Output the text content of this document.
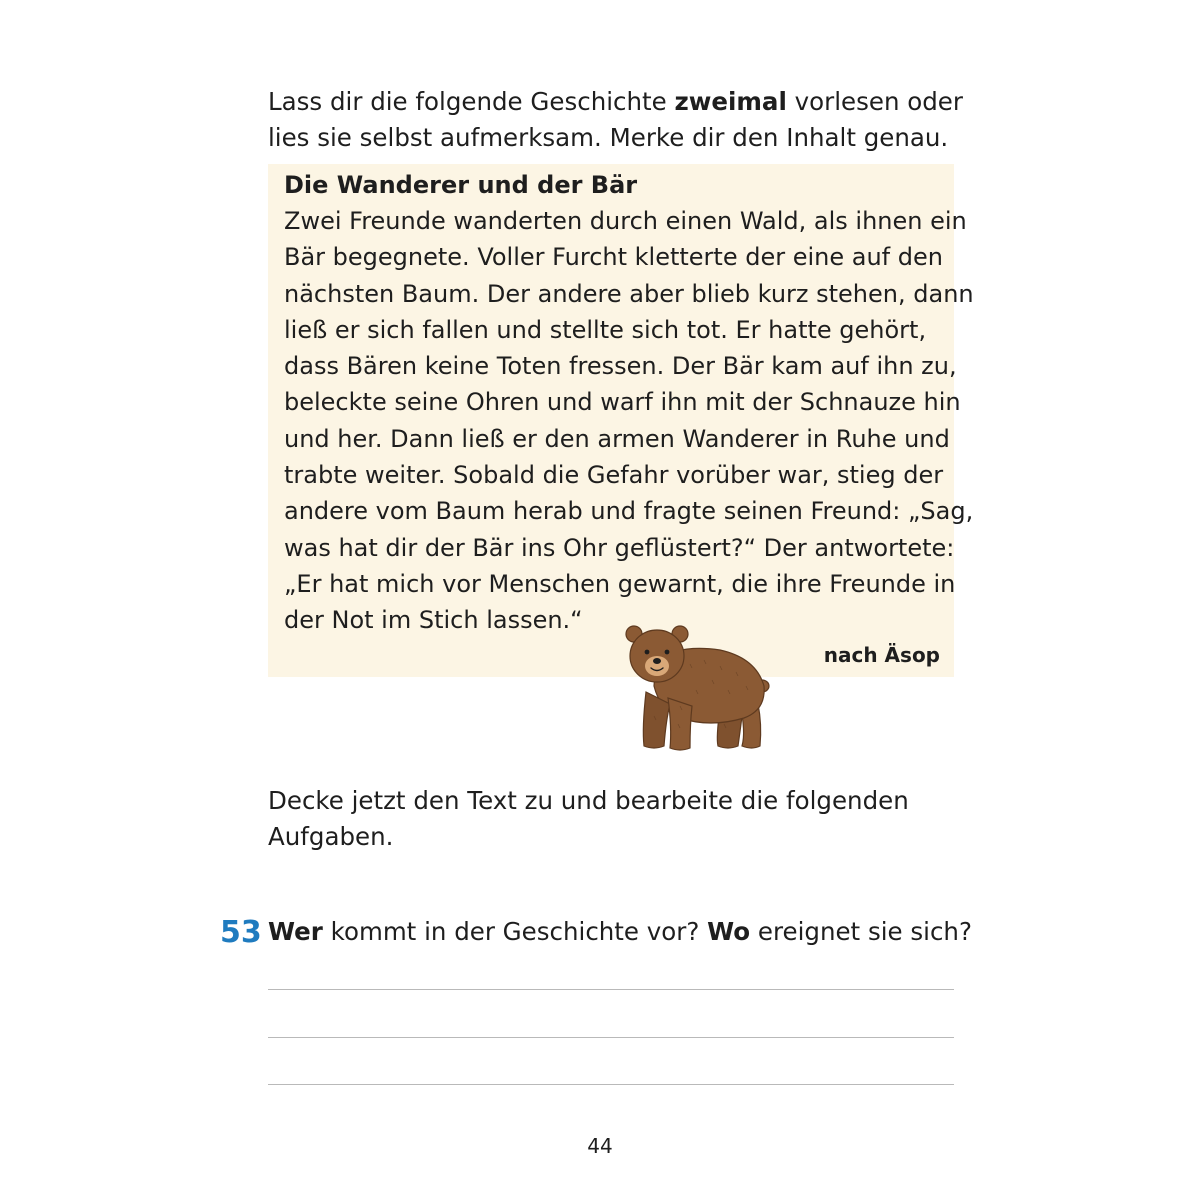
Lass dir die folgende Geschichte zweimal vorlesen oder
lies sie selbst aufmerksam. Merke dir den Inhalt genau.

Die Wanderer und der Bär

Zwei Freunde wanderten durch einen Wald, als ihnen ein
Bär begegnete. Voller Furcht kletterte der eine auf den
nächsten Baum. Der andere aber blieb kurz stehen, dann
ließ er sich fallen und stellte sich tot. Er hatte gehört,
dass Bären keine Toten fressen. Der Bär kam auf ihn zu,
beleckte seine Ohren und warf ihn mit der Schnauze hin
und her. Dann ließ er den armen Wanderer in Ruhe und
trabte weiter. Sobald die Gefahr vorüber war, stieg der
andere vom Baum herab und fragte seinen Freund: „Sag,
was hat dir der Bär ins Ohr geflüstert?“ Der antwortete:
„Er hat mich vor Menschen gewarnt, die ihre Freunde in
der Not im Stich lassen.“

nach Äsop

Decke jetzt den Text zu und bearbeite die folgenden
Aufgaben.

53 Wer kommt in der Geschichte vor? Wo ereignet sie sich?
44
